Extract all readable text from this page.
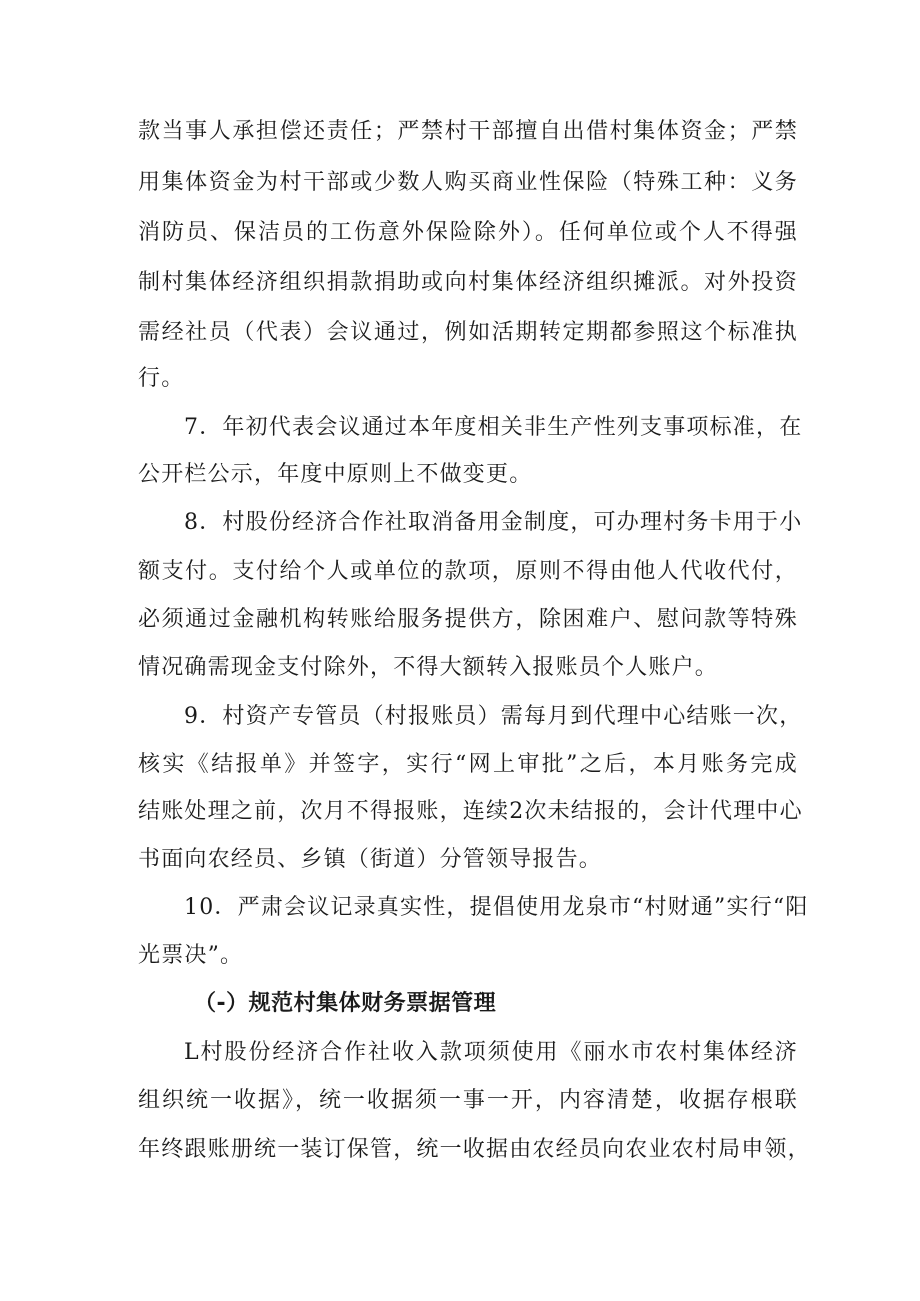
款当事人承担偿还责任；严禁村干部擅自出借村集体资金；严禁
用集体资金为村干部或少数人购买商业性保险（特殊工种：义务
消防员、保洁员的工伤意外保险除外）。任何单位或个人不得强
制村集体经济组织捐款捐助或向村集体经济组织摊派。对外投资
需经社员（代表）会议通过，例如活期转定期都参照这个标准执
行。
7．年初代表会议通过本年度相关非生产性列支事项标准，在
公开栏公示，年度中原则上不做变更。
8．村股份经济合作社取消备用金制度，可办理村务卡用于小
额支付。支付给个人或单位的款项，原则不得由他人代收代付，
必须通过金融机构转账给服务提供方，除困难户、慰问款等特殊
情况确需现金支付除外，不得大额转入报账员个人账户。
9．村资产专管员（村报账员）需每月到代理中心结账一次，
核实《结报单》并签字，实行“网上审批”之后，本月账务完成
结账处理之前，次月不得报账，连续2次未结报的，会计代理中心
书面向农经员、乡镇（街道）分管领导报告。
10．严肃会议记录真实性，提倡使用龙泉市“村财通”实行“阳
光票决”。
（-）规范村集体财务票据管理
L村股份经济合作社收入款项须使用《丽水市农村集体经济
组织统一收据》，统一收据须一事一开，内容清楚，收据存根联
年终跟账册统一装订保管，统一收据由农经员向农业农村局申领，
